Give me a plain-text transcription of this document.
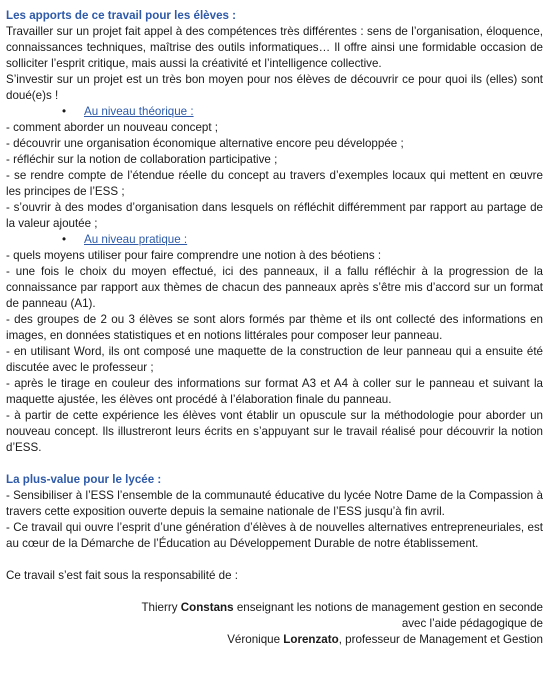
Les apports de ce travail pour les élèves :

Travailler sur un projet fait appel à des compétences très différentes : sens de l’organisation, éloquence, connaissances techniques, maîtrise des outils informatiques… Il offre ainsi une formidable occasion de solliciter l’esprit critique, mais aussi la créativité et l’intelligence collective.

S’investir sur un projet est un très bon moyen pour nos élèves de découvrir ce pour quoi ils (elles) sont doué(e)s !

• Au niveau théorique :

- comment aborder un nouveau concept ;

- découvrir une organisation économique alternative encore peu développée ;

- réfléchir sur la notion de collaboration participative ;

- se rendre compte de l’étendue réelle du concept au travers d’exemples locaux qui mettent en œuvre les principes de l’ESS ;

- s’ouvrir à des modes d’organisation dans lesquels on réfléchit différemment par rapport au partage de la valeur ajoutée ;

• Au niveau pratique :

- quels moyens utiliser pour faire comprendre une notion à des béotiens :

- une fois le choix du moyen effectué, ici des panneaux, il a fallu réfléchir à la progression de la connaissance par rapport aux thèmes de chacun des panneaux après s’être mis d’accord sur un format de panneau (A1).

- des groupes de 2 ou 3 élèves se sont alors formés par thème et ils ont collecté des informations en images, en données statistiques et en notions littérales pour composer leur panneau.

- en utilisant Word, ils ont composé une maquette de la construction de leur panneau qui a ensuite été discutée avec le professeur ;

- après le tirage en couleur des informations sur format A3 et A4 à coller sur le panneau et suivant la maquette ajustée, les élèves ont procédé à l’élaboration finale du panneau.

- à partir de cette expérience les élèves vont établir un opuscule sur la méthodologie pour aborder un nouveau concept. Ils illustreront leurs écrits en s’appuyant sur le travail réalisé pour découvrir la notion d’ESS.

La plus-value pour le lycée :

- Sensibiliser à l’ESS l’ensemble de la communauté éducative du lycée Notre Dame de la Compassion à travers cette exposition ouverte depuis la semaine nationale de l’ESS jusqu’à fin avril.

- Ce travail qui ouvre l’esprit d’une génération d’élèves à de nouvelles alternatives entrepreneuriales, est au cœur de la Démarche de l’Éducation au Développement Durable de notre établissement.

Ce travail s’est fait sous la responsabilité de :

Thierry Constans enseignant les notions de management gestion en seconde

avec l’aide pédagogique de

Véronique Lorenzato, professeur de Management et Gestion
